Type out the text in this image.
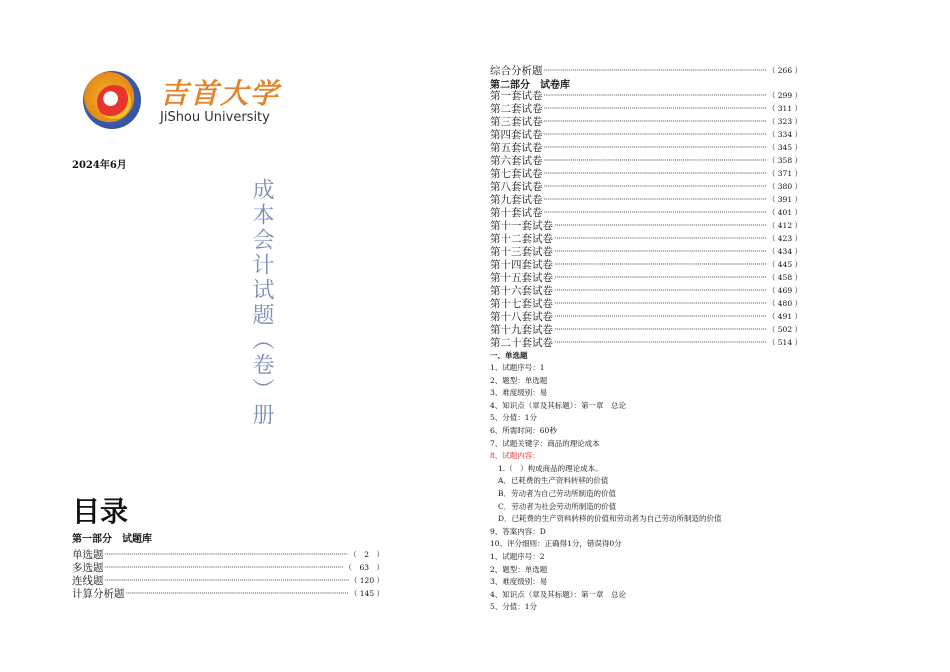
吉首大学
JiShou University
2024年6月
成本会计试题（卷）册
目录
第一部分　试题库
单选题 ·····	（　2　）
多选题 ·····	（　63　）
连线题 ·····	（ 120 ）
计算分析题 ·····	（ 145 ）
综合分析题 ·····	（ 266 ）
第二部分　试卷库
第一套试卷 ·····	（ 299 ）
第二套试卷 ·····	（ 311 ）
第三套试卷 ·····	（ 323 ）
第四套试卷 ·····	（ 334 ）
第五套试卷 ·····	（ 345 ）
第六套试卷 ·····	（ 358 ）
第七套试卷 ·····	（ 371 ）
第八套试卷 ·····	（ 380 ）
第九套试卷 ·····	（ 391 ）
第十套试卷 ·····	（ 401 ）
第十一套试卷 ·····	（ 412 ）
第十二套试卷 ·····	（ 423 ）
第十三套试卷 ·····	（ 434 ）
第十四套试卷 ·····	（ 445 ）
第十五套试卷 ·····	（ 458 ）
第十六套试卷 ·····	（ 469 ）
第十七套试卷 ·····	（ 480 ）
第十八套试卷 ·····	（ 491 ）
第十九套试卷 ·····	（ 502 ）
第二十套试卷 ·····	（ 514 ）
一、单选题
1、试题序号：1
2、题型：单选题
3、难度级别：易
4、知识点（章及其标题）：第一章　总论
5、分值：1分
6、所需时间：60秒
7、试题关键字：商品的理论成本
8、试题内容：
1.（　）构成商品的理论成本。
A．已耗费的生产资料转移的价值
B．劳动者为自己劳动所制造的价值
C．劳动者为社会劳动所制造的价值
D．已耗费的生产资料转移的价值和劳动者为自己劳动所制造的价值
9、答案内容：D
10、评分细则：正确得1分，错误得0分
1、试题序号：2
2、题型：单选题
3、难度级别：易
4、知识点（章及其标题）：第一章　总论
5、分值：1分
